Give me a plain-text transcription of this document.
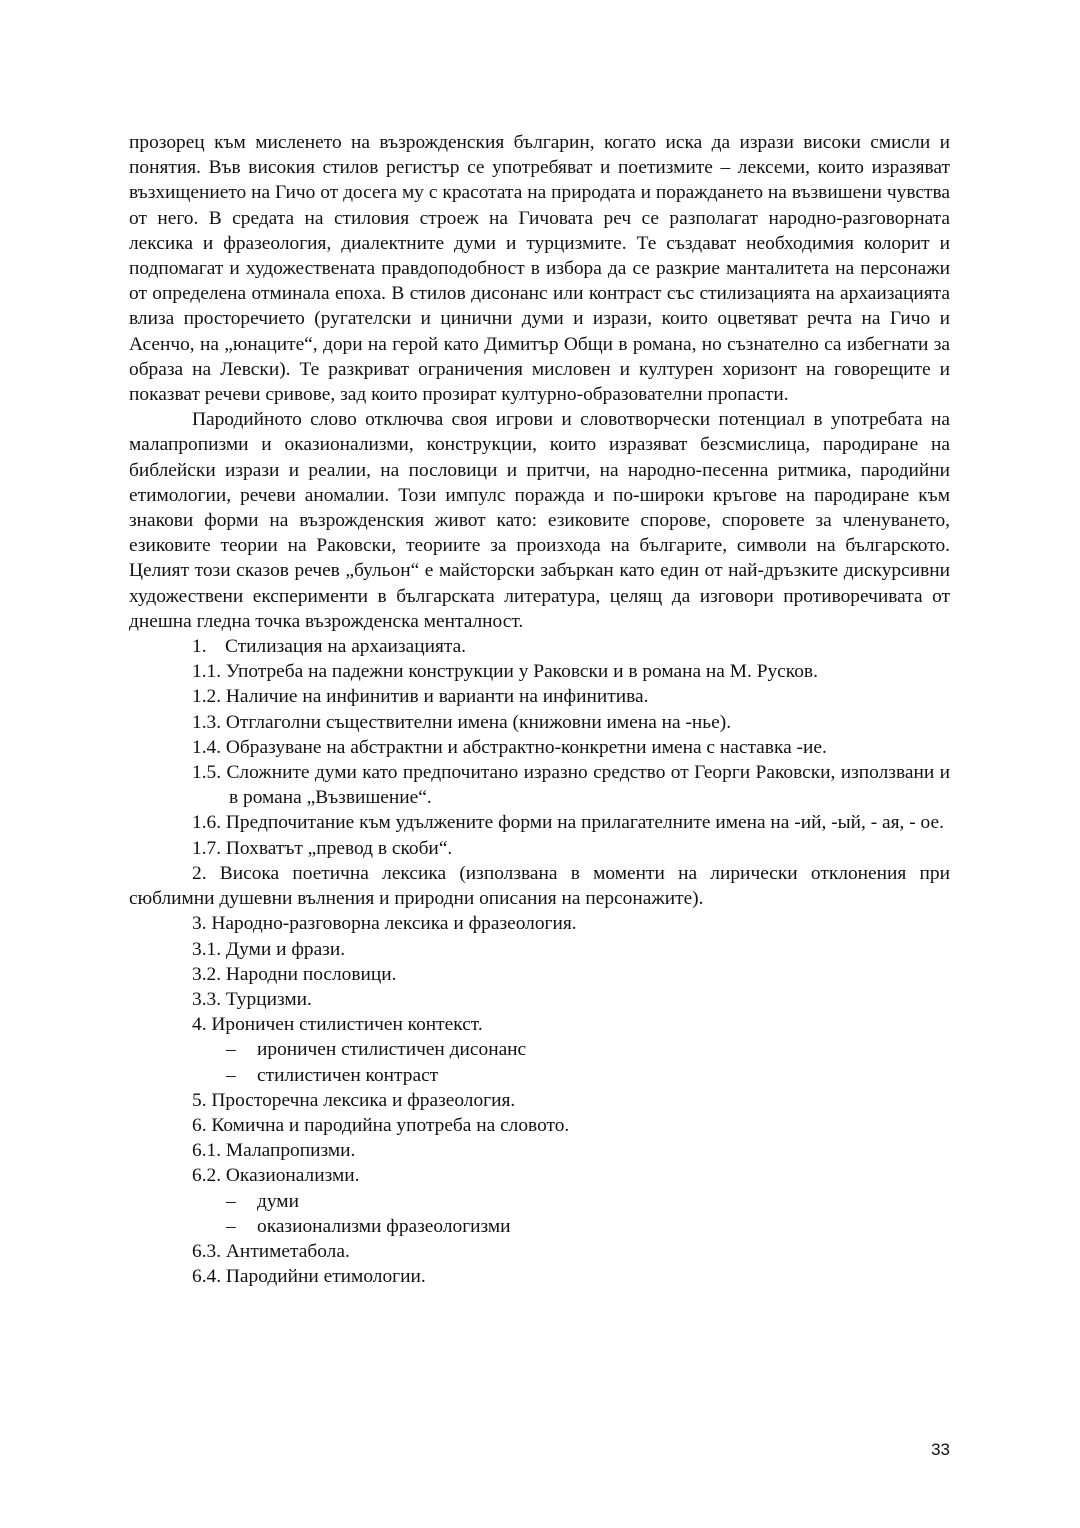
прозорец към мисленето на възрожденския българин, когато иска да изрази високи смисли и понятия. Във високия стилов регистър се употребяват и поетизмите – лексеми, които изразяват възхищението на Гичо от досега му с красотата на природата и пораждането на възвишени чувства от него. В средата на стиловия строеж на Гичовата реч се разполагат народно-разговорната лексика и фразеология, диалектните думи и турцизмите. Те създават необходимия колорит и подпомагат и художествената правдоподобност в избора да се разкрие манталитета на персонажи от определена отминала епоха. В стилов дисонанс или контраст със стилизацията на архаизацията влиза просторечието (ругателски и цинични думи и изрази, които оцветяват речта на Гичо и Асенчо, на „юнаците“, дори на герой като Димитър Общи в романа, но съзнателно са избегнати за образа на Левски). Те разкриват ограничения мисловен и културен хоризонт на говорещите и показват речеви сривове, зад които прозират културно-образователни пропасти.

Пародийното слово отключва своя игрови и словотворчески потенциал в употребата на малапропизми и оказионализми, конструкции, които изразяват безсмислица, пародиране на библейски изрази и реалии, на пословици и притчи, на народно-песенна ритмика, пародийни етимологии, речеви аномалии. Този импулс поражда и по-широки кръгове на пародиране към знакови форми на възрожденския живот като: езиковите спорове, споровете за членуването, езиковите теории на Раковски, теориите за произхода на българите, символи на българското. Целият този сказов речев „бульон“ е майсторски забъркан като един от най-дръзките дискурсивни художествени експерименти в българската литература, целящ да изговори противоречивата от днешна гледна точка възрожденска менталност.

1. Стилизация на архаизацията.

1.1. Употреба на падежни конструкции у Раковски и в романа на М. Русков.

1.2. Наличие на инфинитив и варианти на инфинитива.

1.3. Отглаголни съществителни имена (книжовни имена на -нье).

1.4. Образуване на абстрактни и абстрактно-конкретни имена с наставка -ие.

1.5. Сложните думи като предпочитано изразно средство от Георги Раковски, използвани и в романа „Възвишение“.

1.6. Предпочитание към удължените форми на прилагателните имена на -ий, -ый, - ая, - ое.

1.7. Похватът „превод в скоби“.

2. Висока поетична лексика (използвана в моменти на лирически отклонения при сюблимни душевни вълнения и природни описания на персонажите).

3. Народно-разговорна лексика и фразеология.

3.1. Думи и фрази.

3.2. Народни пословици.

3.3. Турцизми.

4. Ироничен стилистичен контекст.

– ироничен стилистичен дисонанс

– стилистичен контраст

5. Просторечна лексика и фразеология.

6. Комична и пародийна употреба на словото.

6.1. Малапропизми.

6.2. Оказионализми.

– думи

– оказионализми фразеологизми

6.3. Антиметабола.

6.4. Пародийни етимологии.

33
